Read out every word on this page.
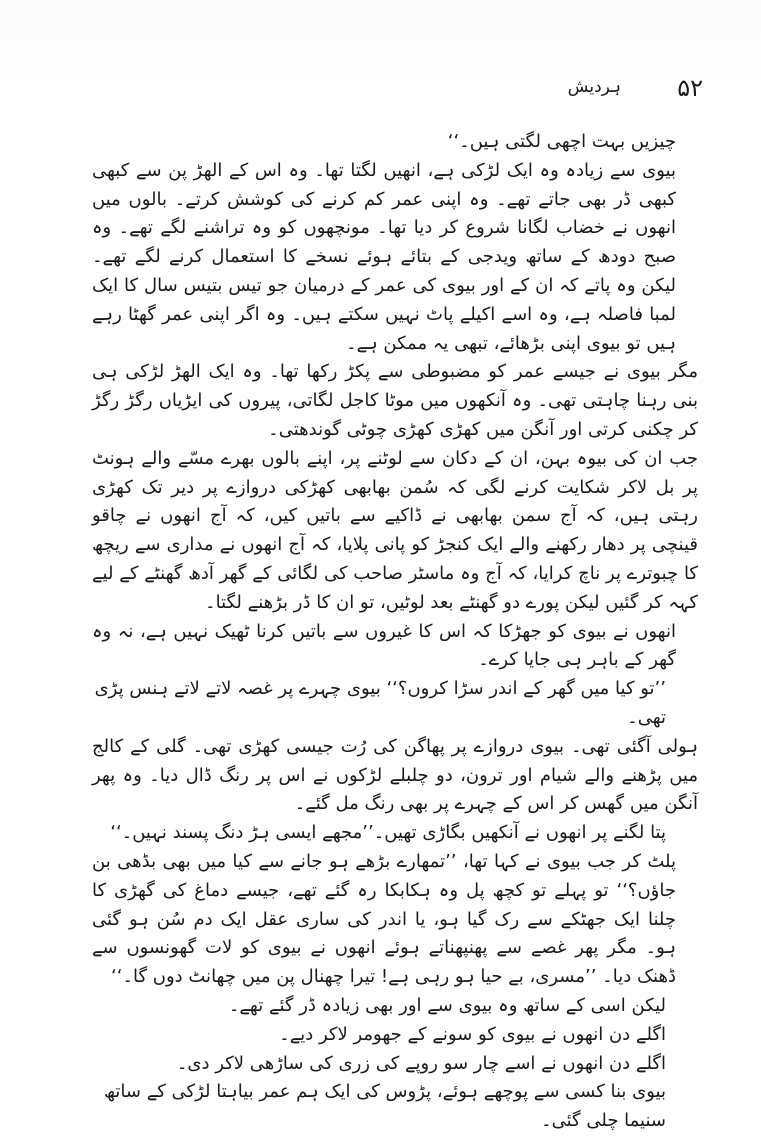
۵۲
ہردیش

چیزیں بہت اچھی لگتی ہیں۔‘‘

بیوی سے زیادہ وہ ایک لڑکی ہے، انھیں لگتا تھا۔ وہ اس کے الھڑ پن سے کبھی کبھی ڈر بھی جاتے تھے۔ وہ اپنی عمر کم کرنے کی کوشش کرتے۔ بالوں میں انھوں نے خضاب لگانا شروع کر دیا تھا۔ مونچھوں کو وہ تراشنے لگے تھے۔ وہ صبح دودھ کے ساتھ ویدجی کے بتائے ہوئے نسخے کا استعمال کرنے لگے تھے۔لیکن وہ پاتے کہ ان کے اور بیوی کی عمر کے درمیان جو تیس بتیس سال کا ایک لمبا فاصلہ ہے، وہ اسے اکیلے پاٹ نہیں سکتے ہیں۔ وہ اگر اپنی عمر گھٹا رہے ہیں تو بیوی اپنی بڑھائے، تبھی یہ ممکن ہے۔

مگر بیوی نے جیسے عمر کو مضبوطی سے پکڑ رکھا تھا۔ وہ ایک الھڑ لڑکی ہی بنی رہنا چاہتی تھی۔ وہ آنکھوں میں موٹا کاجل لگاتی، پیروں کی ایڑیاں رگڑ رگڑ کر چکنی کرتی اور آنگن میں کھڑی کھڑی چوٹی گوندھتی۔

جب ان کی بیوہ بہن، ان کے دکان سے لوٹنے پر، اپنے بالوں بھرے مسّے والے ہونٹ پر بل لاکر شکایت کرنے لگی کہ سُمن بھابھی کھڑکی دروازے پر دیر تک کھڑی رہتی ہیں، کہ آج سمن بھابھی نے ڈاکیے سے باتیں کیں، کہ آج انھوں نے چاقو قینچی پر دھار رکھنے والے ایک کنجڑ کو پانی پلایا، کہ آج انھوں نے مداری سے ریچھ کا چبوترے پر ناچ کرایا، کہ آج وہ ماسٹر صاحب کی لگائی کے گھر آدھ گھنٹے کے لیے کہہ کر گئیں لیکن پورے دو گھنٹے بعد لوٹیں، تو ان کا ڈر بڑھنے لگتا۔

انھوں نے بیوی کو جھڑکا کہ اس کا غیروں سے باتیں کرنا ٹھیک نہیں ہے، نہ وہ گھر کے باہر ہی جایا کرے۔

’’تو کیا میں گھر کے اندر سڑا کروں؟‘‘ بیوی چہرے پر غصہ لاتے لاتے ہنس پڑی تھی۔

ہولی آگئی تھی۔ بیوی دروازے پر پھاگن کی رُت جیسی کھڑی تھی۔ گلی کے کالج میں پڑھنے والے شیام اور ترون، دو چلبلے لڑکوں نے اس پر رنگ ڈال دیا۔ وہ پھر آنگن میں گھس کر اس کے چہرے پر بھی رنگ مل گئے۔

پتا لگنے پر انھوں نے آنکھیں بگاڑی تھیں۔’’مجھے ایسی ہڑ دنگ پسند نہیں۔‘‘

پلٹ کر جب بیوی نے کہا تھا، ’’تمھارے بڑھے ہو جانے سے کیا میں بھی بڈھی بن جاؤں؟‘‘ تو پہلے تو کچھ پل وہ ہکابکا رہ گئے تھے، جیسے دماغ کی گھڑی کا چلنا ایک جھٹکے سے رک گیا ہو، یا اندر کی ساری عقل ایک دم سُن ہو گئی ہو۔ مگر پھر غصے سے پھنپھناتے ہوئے انھوں نے بیوی کو لات گھونسوں سے ڈھنک دیا۔ ’’مسری، بے حیا ہو رہی ہے! تیرا چھنال پن میں چھانٹ دوں گا۔‘‘

لیکن اسی کے ساتھ وہ بیوی سے اور بھی زیادہ ڈر گئے تھے۔

اگلے دن انھوں نے بیوی کو سونے کے جھومر لاکر دیے۔

اگلے دن انھوں نے اسے چار سو روپے کی زری کی ساڑھی لاکر دی۔

بیوی بنا کسی سے پوچھے ہوئے، پڑوس کی ایک ہم عمر بیاہتا لڑکی کے ساتھ سنیما چلی گئی۔
